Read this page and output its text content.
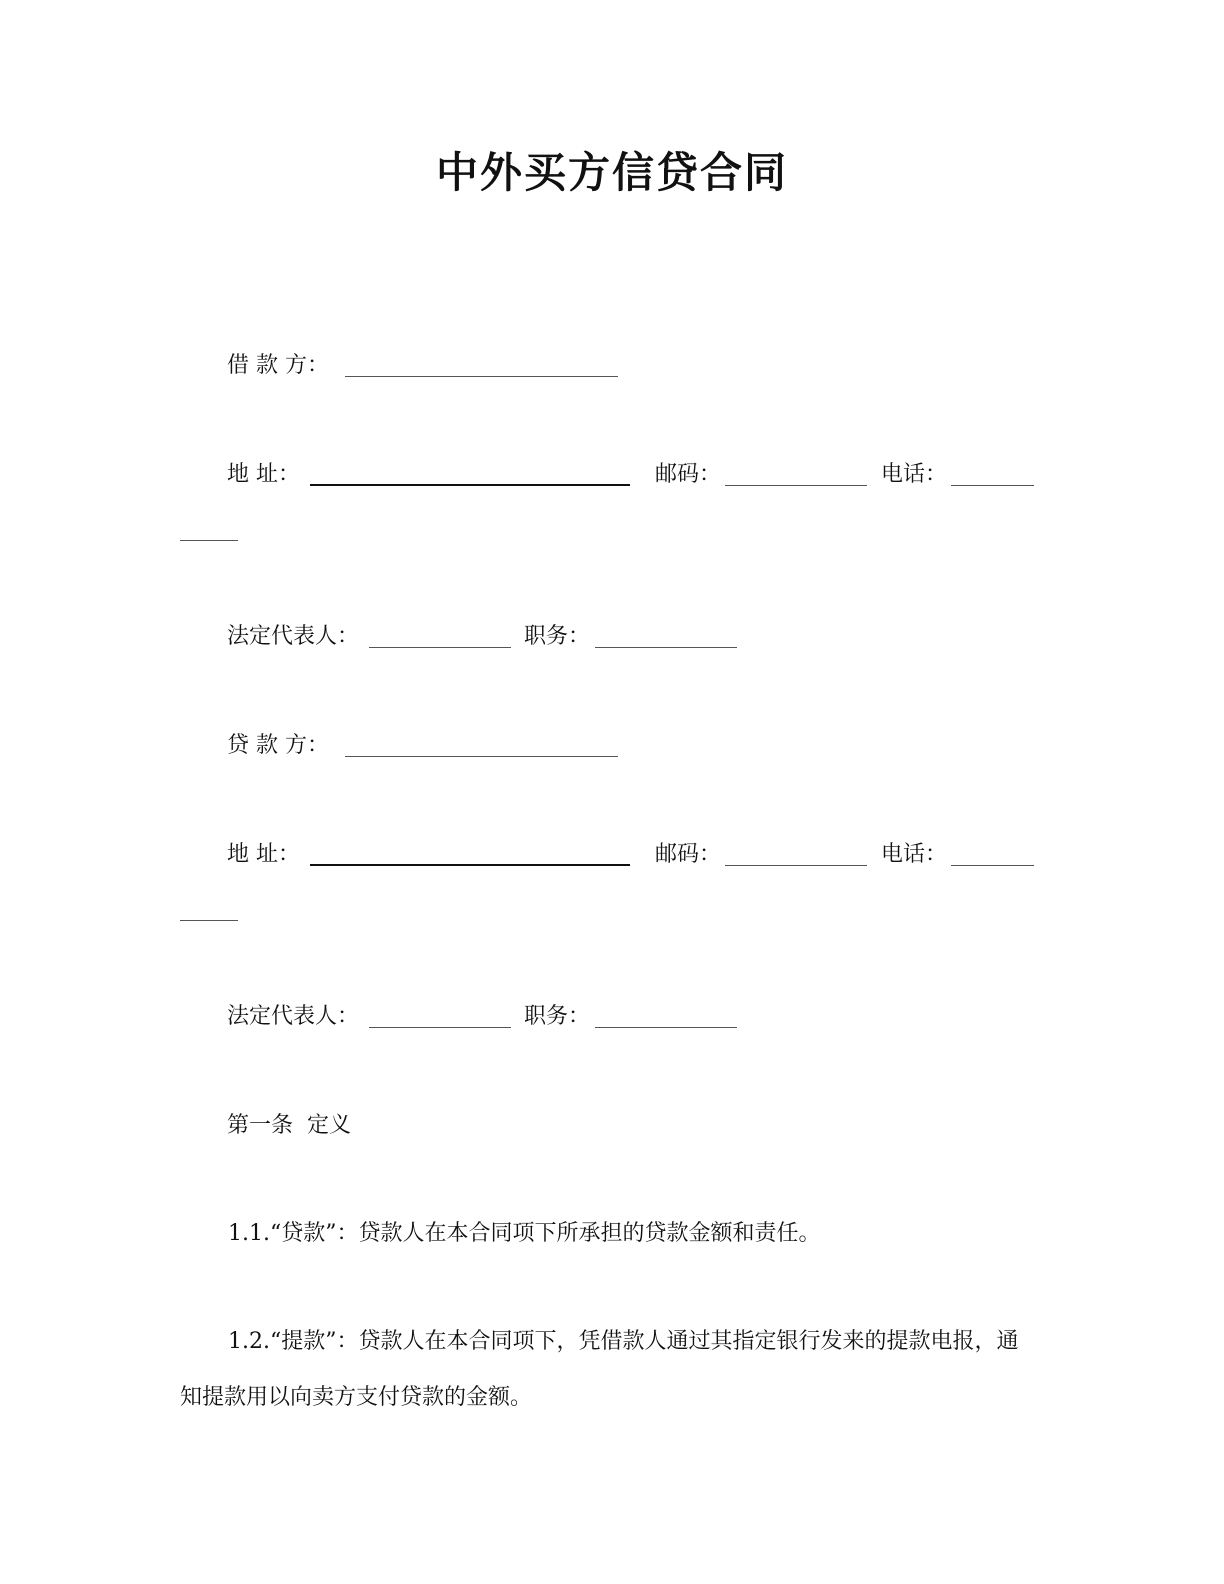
中外买方信贷合同
借 款 方：
地 址：	邮码：	电话：
法定代表人：	职务：
贷 款 方：
地 址：	邮码：	电话：
法定代表人：	职务：
第一条  定义

1.1.“贷款”：贷款人在本合同项下所承担的贷款金额和责任。

1.2.“提款”：贷款人在本合同项下，凭借款人通过其指定银行发来的提款电报，通知提款用以向卖方支付贷款的金额。
